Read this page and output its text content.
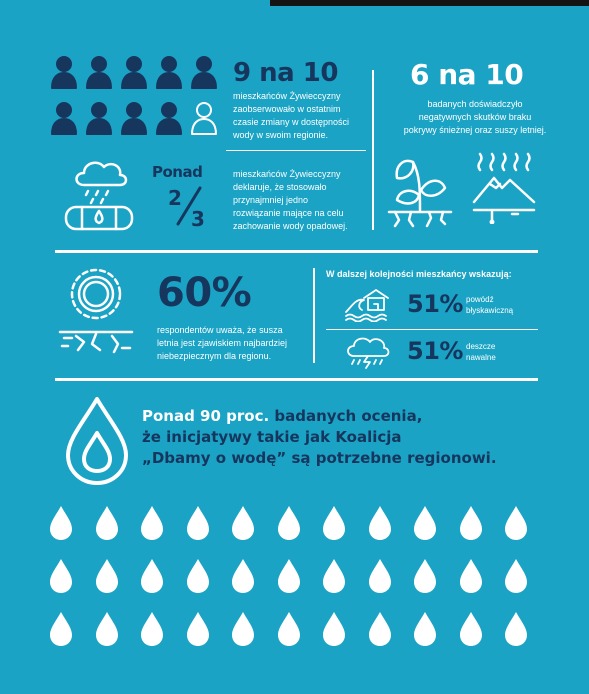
9 na 10
mieszkańców Żywieccyzny
zaobserwowało w ostatnim
czasie zmiany w dostępności
wody w swoim regionie.
6 na 10
badanych doświadczyło
negatywnych skutków braku
pokrywy śnieżnej oraz suszy letniej.
Ponad
2
3
mieszkańców Żywieccyzny
deklaruje, że stosowało
przynajmniej jedno
rozwiązanie mające na celu
zachowanie wody opadowej.
60%
respondentów uważa, że susza
letnia jest zjawiskiem najbardziej
niebezpiecznym dla regionu.
W dalszej kolejności mieszkańcy wskazują:
51% powódź
błyskawiczną
51% deszcze
nawalne
Ponad 90 proc. badanych ocenia,
że inicjatywy takie jak Koalicja
„Dbamy o wodę” są potrzebne regionowi.
